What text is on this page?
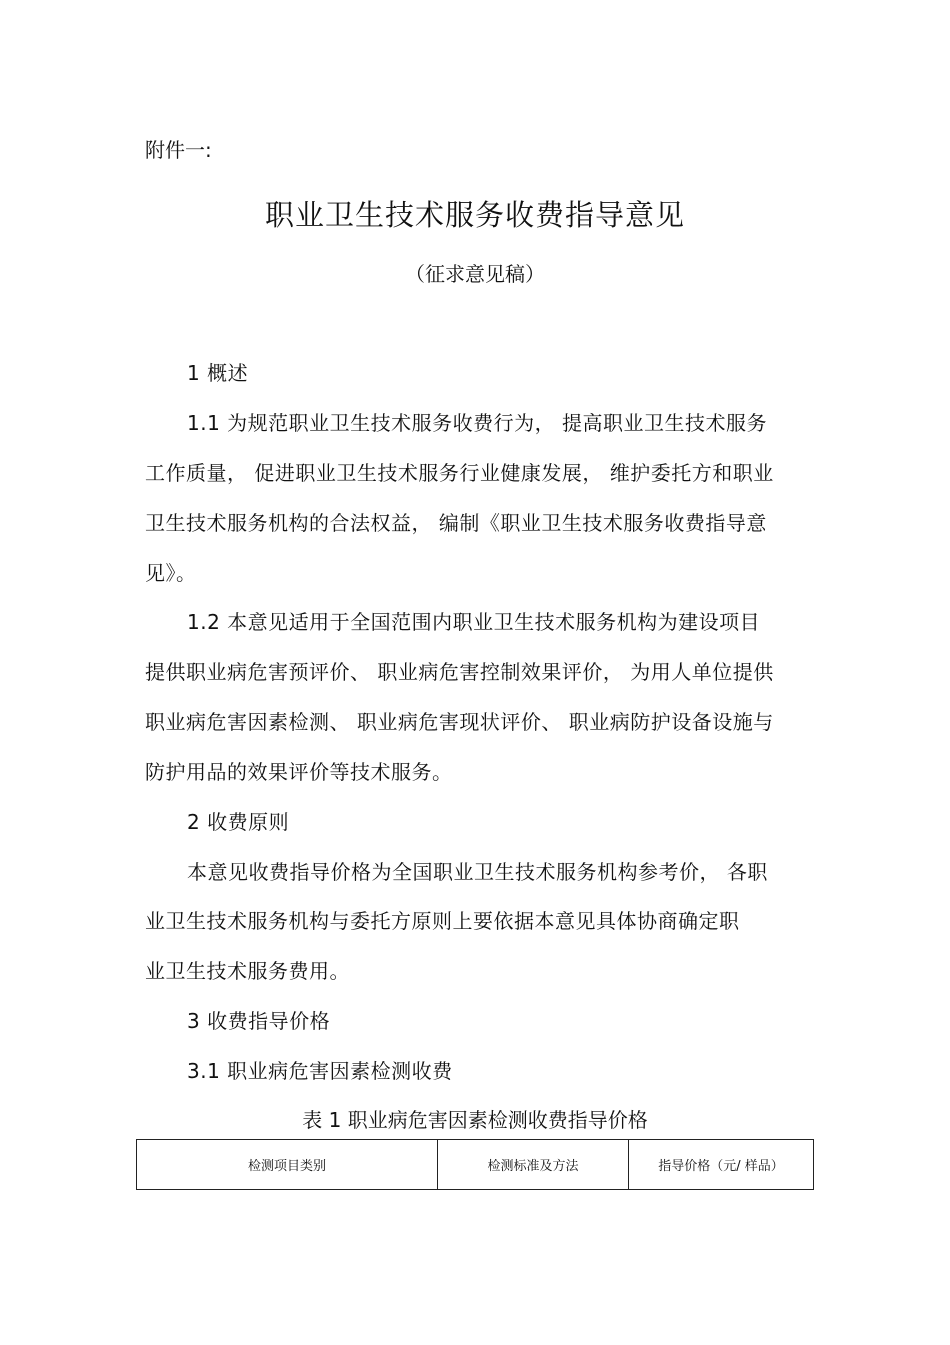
附件一:
职业卫生技术服务收费指导意见
（征求意见稿）
1 概述
1.1 为规范职业卫生技术服务收费行为， 提高职业卫生技术服务
工作质量， 促进职业卫生技术服务行业健康发展， 维护委托方和职业
卫生技术服务机构的合法权益， 编制《职业卫生技术服务收费指导意
见》。
1.2 本意见适用于全国范围内职业卫生技术服务机构为建设项目
提供职业病危害预评价、 职业病危害控制效果评价， 为用人单位提供
职业病危害因素检测、 职业病危害现状评价、 职业病防护设备设施与
防护用品的效果评价等技术服务。
2 收费原则
本意见收费指导价格为全国职业卫生技术服务机构参考价， 各职
业卫生技术服务机构与委托方原则上要依据本意见具体协商确定职
业卫生技术服务费用。
3 收费指导价格
3.1 职业病危害因素检测收费
表 1 职业病危害因素检测收费指导价格
检测项目类别	检测标准及方法	指导价格（元/ 样品）
